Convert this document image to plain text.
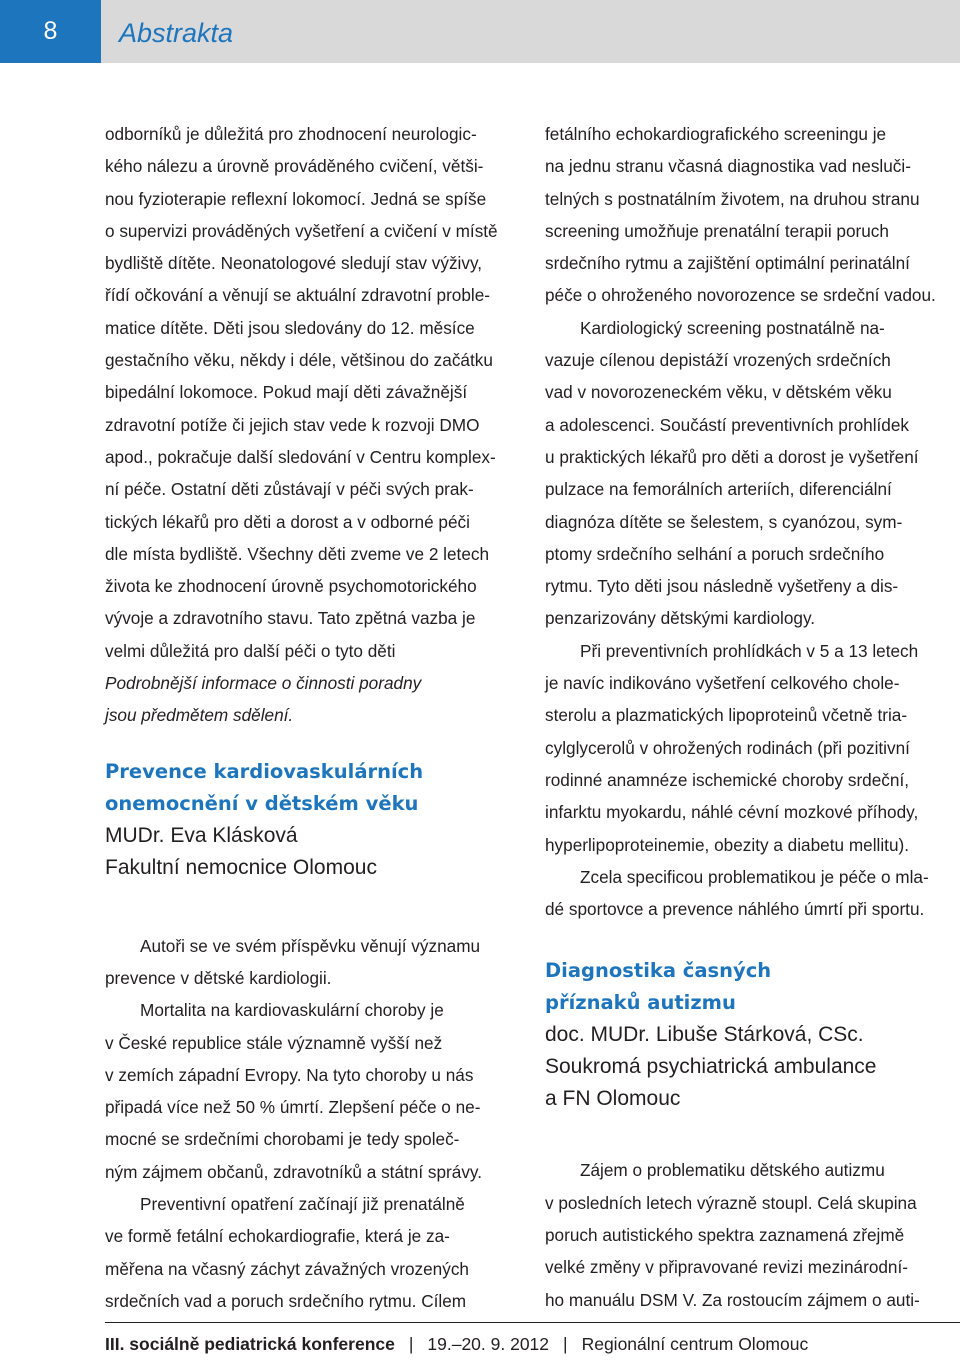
8	Abstrakta

odborníků je důležitá pro zhodnocení neurologic-

kého nálezu a úrovně prováděného cvičení, větši-

nou fyzioterapie reflexní lokomocí. Jedná se spíše

o supervizi prováděných vyšetření a cvičení v místě

bydliště dítěte. Neonatologové sledují stav výživy,

řídí očkování a věnují se aktuální zdravotní proble-

matice dítěte. Děti jsou sledovány do 12. měsíce

gestačního věku, někdy i déle, většinou do začátku

bipedální lokomoce. Pokud mají děti závažnější

zdravotní potíže či jejich stav vede k rozvoji DMO

apod., pokračuje další sledování v Centru komplex-

ní péče. Ostatní děti zůstávají v péči svých prak-

tických lékařů pro děti a dorost a v odborné péči

dle místa bydliště. Všechny děti zveme ve 2 letech

života ke zhodnocení úrovně psychomotorického

vývoje a zdravotního stavu. Tato zpětná vazba je

velmi důležitá pro další péči o tyto děti

Podrobnější informace o činnosti poradny

jsou předmětem sdělení.

Prevence kardiovaskulárních

onemocnění v dětském věku

MUDr. Eva Klásková

Fakultní nemocnice Olomouc

Autoři se ve svém příspěvku věnují významu

prevence v dětské kardiologii.

Mortalita na kardiovaskulární choroby je

v České republice stále významně vyšší než

v zemích západní Evropy. Na tyto choroby u nás

připadá více než 50 % úmrtí. Zlepšení péče o ne-

mocné se srdečními chorobami je tedy společ-

ným zájmem občanů, zdravotníků a státní správy.

Preventivní opatření začínají již prenatálně

ve formě fetální echokardiografie, která je za-

měřena na včasný záchyt závažných vrozených

srdečních vad a poruch srdečního rytmu. Cílem

fetálního echokardiografického screeningu je

na jednu stranu včasná diagnostika vad nesluči-

telných s postnatálním životem, na druhou stranu

screening umožňuje prenatální terapii poruch

srdečního rytmu a zajištění optimální perinatální

péče o ohroženého novorozence se srdeční vadou.

Kardiologický screening postnatálně na-

vazuje cílenou depistáží vrozených srdečních

vad v novorozeneckém věku, v dětském věku

a adolescenci. Součástí preventivních prohlídek

u praktických lékařů pro děti a dorost je vyšetření

pulzace na femorálních arteriích, diferenciální

diagnóza dítěte se šelestem, s cyanózou, sym-

ptomy srdečního selhání a poruch srdečního

rytmu. Tyto děti jsou následně vyšetřeny a dis-

penzarizovány dětskými kardiology.

Při preventivních prohlídkách v 5 a 13 letech

je navíc indikováno vyšetření celkového chole-

sterolu a plazmatických lipoproteinů včetně tria-

cylglycerolů v ohrožených rodinách (při pozitivní

rodinné anamnéze ischemické choroby srdeční,

infarktu myokardu, náhlé cévní mozkové příhody,

hyperlipoproteinemie, obezity a diabetu mellitu).

Zcela specificou problematikou je péče o mla-

dé sportovce a prevence náhlého úmrtí při sportu.

Diagnostika časných

příznaků autizmu

doc. MUDr. Libuše Stárková, CSc.

Soukromá psychiatrická ambulance

a FN Olomouc

Zájem o problematiku dětského autizmu

v posledních letech výrazně stoupl. Celá skupina

poruch autistického spektra zaznamená zřejmě

velké změny v připravované revizi mezinárodní-

ho manuálu DSM V. Za rostoucím zájmem o auti-

III. sociálně pediatrická konference | 19.–20. 9. 2012 | Regionální centrum Olomouc
